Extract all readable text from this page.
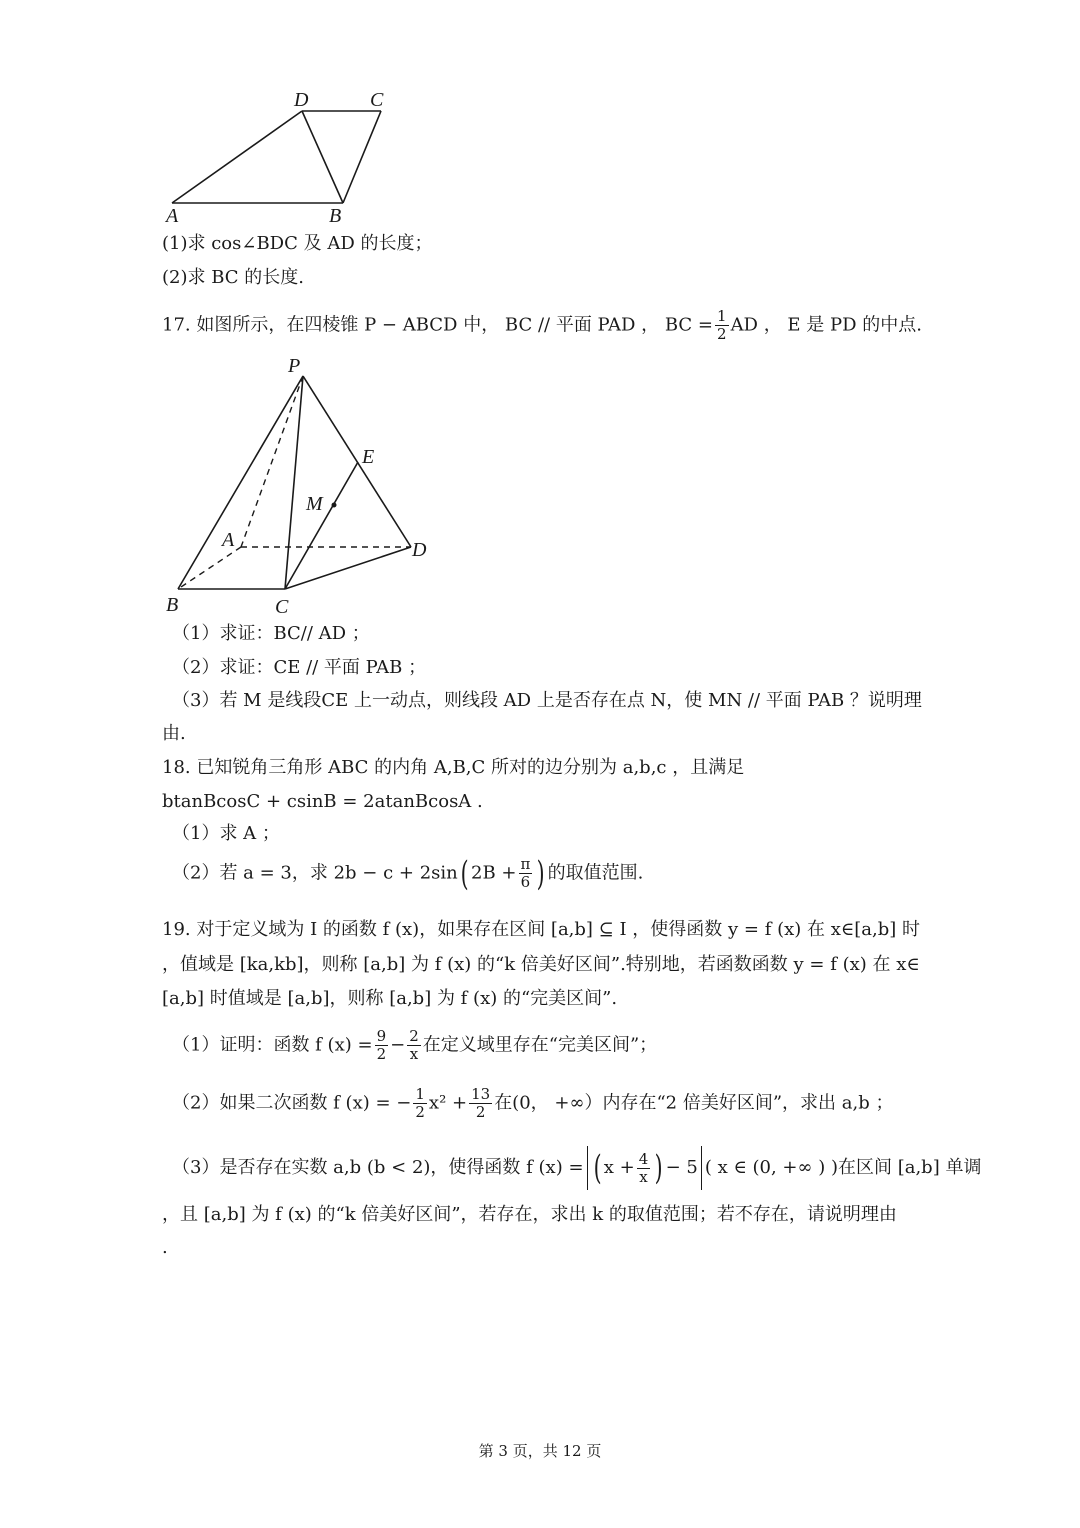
D	C
A	B
(1)求 cos∠BDC 及 AD 的长度；
(2)求 BC 的长度.
17. 如图所示，在四棱锥 P − ABCD 中， BC // 平面 PAD ， BC = $\frac{1}{2}$ AD ， E 是 PD 的中点.
P
E
M
A	D
B	C
（1）求证：BC// AD ；
（2）求证：CE // 平面 PAB ；
（3）若 M 是线段CE 上一动点，则线段 AD 上是否存在点 N，使 MN // 平面 PAB ？说明理
由.
18. 已知锐角三角形 ABC 的内角 A,B,C 所对的边分别为 a,b,c ，且满足
btanBcosC + csinB = 2atanBcosA .
（1）求 A ；
（2）若 a = 3，求 2b − c + 2sin( $2B + \frac{\pi}{6}$ ) 的取值范围.
19. 对于定义域为 I 的函数 f (x)，如果存在区间 [a,b] ⊆ I ，使得函数 y = f (x) 在 x∈[a,b] 时
，值域是 [ka,kb]，则称 [a,b] 为 f (x) 的“k 倍美好区间”.特别地，若函数函数 y = f (x) 在 x∈
[a,b] 时值域是 [a,b]，则称 [a,b] 为 f (x) 的“完美区间”.
（1）证明：函数 f $(x) = \frac{9}{2} - \frac{2}{x}$ 在定义域里存在“完美区间”；
（2）如果二次函数 f (x) = − $\frac{1}{2} x^2 + \frac{13}{2}$ 在(0， +∞）内存在“2 倍美好区间”，求出 a,b ；
（3）是否存在实数 a,b (b < 2)，使得函数 f (x) = ( $x + \frac{4}{x}$ ) − 5 ( x ∈ (0, +∞ ) )在区间 [a,b] 单调
，且 [a,b] 为 f (x) 的“k 倍美好区间”，若存在，求出 k 的取值范围；若不存在，请说明理由
.
第 3 页，共 12 页
